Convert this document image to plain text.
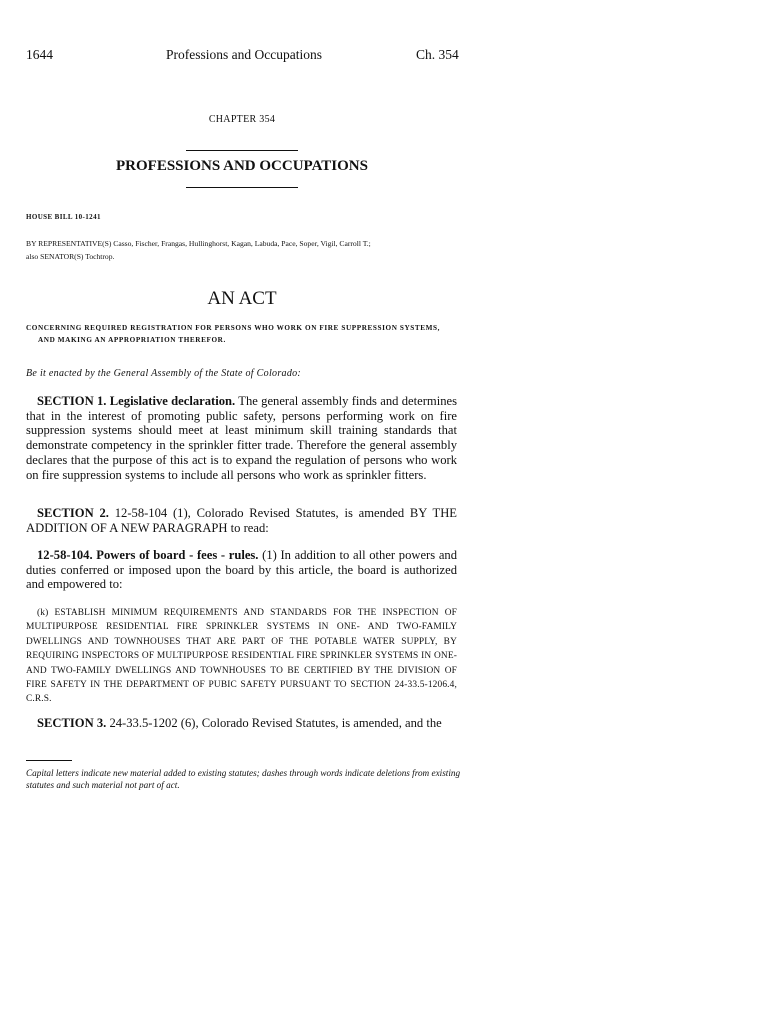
1644	Professions and Occupations	Ch. 354
CHAPTER 354
PROFESSIONS AND OCCUPATIONS
HOUSE BILL 10-1241
BY REPRESENTATIVE(S) Casso, Fischer, Frangas, Hullinghorst, Kagan, Labuda, Pace, Soper, Vigil, Carroll T.;
also SENATOR(S) Tochtrop.
AN ACT
CONCERNING REQUIRED REGISTRATION FOR PERSONS WHO WORK ON FIRE SUPPRESSION SYSTEMS,
AND MAKING AN APPROPRIATION THEREFOR.
Be it enacted by the General Assembly of the State of Colorado:
SECTION 1. Legislative declaration. The general assembly finds and determines that in the interest of promoting public safety, persons performing work on fire suppression systems should meet at least minimum skill training standards that demonstrate competency in the sprinkler fitter trade. Therefore the general assembly declares that the purpose of this act is to expand the regulation of persons who work on fire suppression systems to include all persons who work as sprinkler fitters.
SECTION 2. 12-58-104 (1), Colorado Revised Statutes, is amended BY THE ADDITION OF A NEW PARAGRAPH to read:
12-58-104. Powers of board - fees - rules. (1) In addition to all other powers and duties conferred or imposed upon the board by this article, the board is authorized and empowered to:
(k) ESTABLISH MINIMUM REQUIREMENTS AND STANDARDS FOR THE INSPECTION OF MULTIPURPOSE RESIDENTIAL FIRE SPRINKLER SYSTEMS IN ONE- AND TWO-FAMILY DWELLINGS AND TOWNHOUSES THAT ARE PART OF THE POTABLE WATER SUPPLY, BY REQUIRING INSPECTORS OF MULTIPURPOSE RESIDENTIAL FIRE SPRINKLER SYSTEMS IN ONE- AND TWO-FAMILY DWELLINGS AND TOWNHOUSES TO BE CERTIFIED BY THE DIVISION OF FIRE SAFETY IN THE DEPARTMENT OF PUBIC SAFETY PURSUANT TO SECTION 24-33.5-1206.4, C.R.S.
SECTION 3. 24-33.5-1202 (6), Colorado Revised Statutes, is amended, and the
Capital letters indicate new material added to existing statutes; dashes through words indicate deletions from existing statutes and such material not part of act.
